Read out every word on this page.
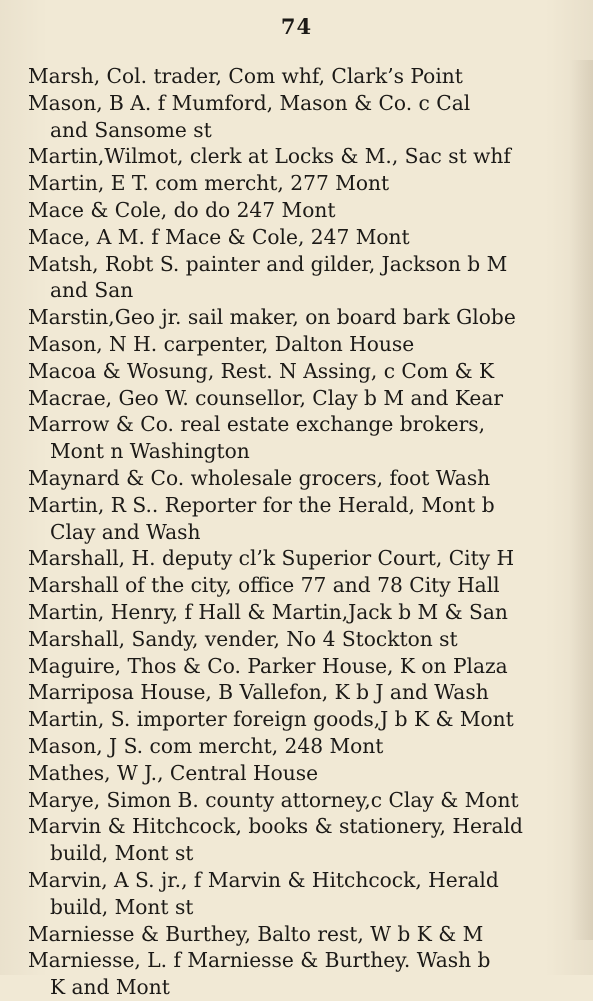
74
Marsh, Col. trader, Com whf, Clark’s Point
Mason, B A. f Mumford, Mason & Co. c Cal
and Sansome st
Martin,Wilmot, clerk at Locks & M., Sac st whf
Martin, E T. com mercht, 277 Mont
Mace & Cole, do do 247 Mont
Mace, A M. f Mace & Cole, 247 Mont
Matsh, Robt S. painter and gilder, Jackson b M
and San
Marstin,Geo jr. sail maker, on board bark Globe
Mason, N H. carpenter, Dalton House
Macoa & Wosung, Rest. N Assing, c Com & K
Macrae, Geo W. counsellor, Clay b M and Kear
Marrow & Co. real estate exchange brokers,
Mont n Washington
Maynard & Co. wholesale grocers, foot Wash
Martin, R S.. Reporter for the Herald, Mont b
Clay and Wash
Marshall, H. deputy cl’k Superior Court, City H
Marshall of the city, office 77 and 78 City Hall
Martin, Henry, f Hall & Martin,Jack b M & San
Marshall, Sandy, vender, No 4 Stockton st
Maguire, Thos & Co. Parker House, K on Plaza
Marriposa House, B Vallefon, K b J and Wash
Martin, S. importer foreign goods,J b K & Mont
Mason, J S. com mercht, 248 Mont
Mathes, W J., Central House
Marye, Simon B. county attorney,c Clay & Mont
Marvin & Hitchcock, books & stationery, Herald
build, Mont st
Marvin, A S. jr., f Marvin & Hitchcock, Herald
build, Mont st
Marniesse & Burthey, Balto rest, W b K & M
Marniesse, L. f Marniesse & Burthey. Wash b
K and Mont
